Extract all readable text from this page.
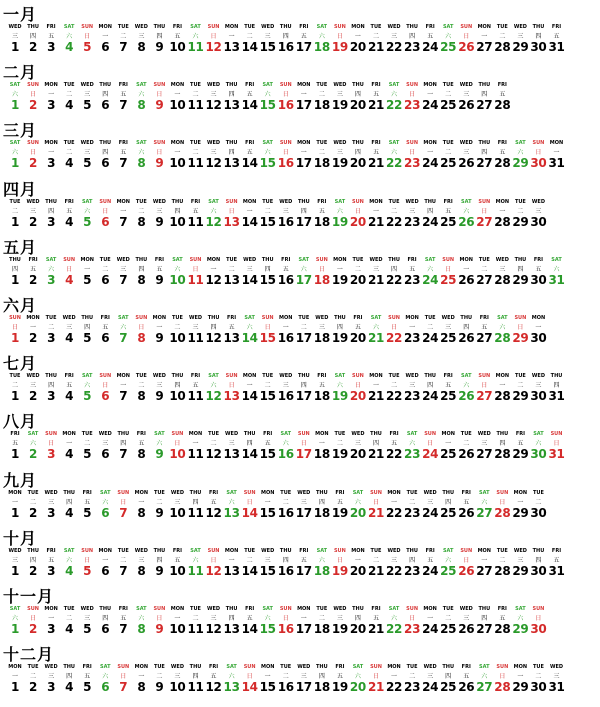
一月
WED
三
1
THU
四
2
FRI
五
3
SAT
六
4
SUN
日
5
MON
一
6
TUE
二
7
WED
三
8
THU
四
9
FRI
五
10
SAT
六
11
SUN
日
12
MON
一
13
TUE
二
14
WED
三
15
THU
四
16
FRI
五
17
SAT
六
18
SUN
日
19
MON
一
20
TUE
二
21
WED
三
22
THU
四
23
FRI
五
24
SAT
六
25
SUN
日
26
MON
一
27
TUE
二
28
WED
三
29
THU
四
30
FRI
五
31
二月
SAT
六
1
SUN
日
2
MON
一
3
TUE
二
4
WED
三
5
THU
四
6
FRI
五
7
SAT
六
8
SUN
日
9
MON
一
10
TUE
二
11
WED
三
12
THU
四
13
FRI
五
14
SAT
六
15
SUN
日
16
MON
一
17
TUE
二
18
WED
三
19
THU
四
20
FRI
五
21
SAT
六
22
SUN
日
23
MON
一
24
TUE
二
25
WED
三
26
THU
四
27
FRI
五
28
三月
SAT
六
1
SUN
日
2
MON
一
3
TUE
二
4
WED
三
5
THU
四
6
FRI
五
7
SAT
六
8
SUN
日
9
MON
一
10
TUE
二
11
WED
三
12
THU
四
13
FRI
五
14
SAT
六
15
SUN
日
16
MON
一
17
TUE
二
18
WED
三
19
THU
四
20
FRI
五
21
SAT
六
22
SUN
日
23
MON
一
24
TUE
二
25
WED
三
26
THU
四
27
FRI
五
28
SAT
六
29
SUN
日
30
MON
一
31
四月
TUE
二
1
WED
三
2
THU
四
3
FRI
五
4
SAT
六
5
SUN
日
6
MON
一
7
TUE
二
8
WED
三
9
THU
四
10
FRI
五
11
SAT
六
12
SUN
日
13
MON
一
14
TUE
二
15
WED
三
16
THU
四
17
FRI
五
18
SAT
六
19
SUN
日
20
MON
一
21
TUE
二
22
WED
三
23
THU
四
24
FRI
五
25
SAT
六
26
SUN
日
27
MON
一
28
TUE
二
29
WED
三
30
五月
THU
四
1
FRI
五
2
SAT
六
3
SUN
日
4
MON
一
5
TUE
二
6
WED
三
7
THU
四
8
FRI
五
9
SAT
六
10
SUN
日
11
MON
一
12
TUE
二
13
WED
三
14
THU
四
15
FRI
五
16
SAT
六
17
SUN
日
18
MON
一
19
TUE
二
20
WED
三
21
THU
四
22
FRI
五
23
SAT
六
24
SUN
日
25
MON
一
26
TUE
二
27
WED
三
28
THU
四
29
FRI
五
30
SAT
六
31
六月
SUN
日
1
MON
一
2
TUE
二
3
WED
三
4
THU
四
5
FRI
五
6
SAT
六
7
SUN
日
8
MON
一
9
TUE
二
10
WED
三
11
THU
四
12
FRI
五
13
SAT
六
14
SUN
日
15
MON
一
16
TUE
二
17
WED
三
18
THU
四
19
FRI
五
20
SAT
六
21
SUN
日
22
MON
一
23
TUE
二
24
WED
三
25
THU
四
26
FRI
五
27
SAT
六
28
SUN
日
29
MON
一
30
七月
TUE
二
1
WED
三
2
THU
四
3
FRI
五
4
SAT
六
5
SUN
日
6
MON
一
7
TUE
二
8
WED
三
9
THU
四
10
FRI
五
11
SAT
六
12
SUN
日
13
MON
一
14
TUE
二
15
WED
三
16
THU
四
17
FRI
五
18
SAT
六
19
SUN
日
20
MON
一
21
TUE
二
22
WED
三
23
THU
四
24
FRI
五
25
SAT
六
26
SUN
日
27
MON
一
28
TUE
二
29
WED
三
30
THU
四
31
八月
FRI
五
1
SAT
六
2
SUN
日
3
MON
一
4
TUE
二
5
WED
三
6
THU
四
7
FRI
五
8
SAT
六
9
SUN
日
10
MON
一
11
TUE
二
12
WED
三
13
THU
四
14
FRI
五
15
SAT
六
16
SUN
日
17
MON
一
18
TUE
二
19
WED
三
20
THU
四
21
FRI
五
22
SAT
六
23
SUN
日
24
MON
一
25
TUE
二
26
WED
三
27
THU
四
28
FRI
五
29
SAT
六
30
SUN
日
31
九月
MON
一
1
TUE
二
2
WED
三
3
THU
四
4
FRI
五
5
SAT
六
6
SUN
日
7
MON
一
8
TUE
二
9
WED
三
10
THU
四
11
FRI
五
12
SAT
六
13
SUN
日
14
MON
一
15
TUE
二
16
WED
三
17
THU
四
18
FRI
五
19
SAT
六
20
SUN
日
21
MON
一
22
TUE
二
23
WED
三
24
THU
四
25
FRI
五
26
SAT
六
27
SUN
日
28
MON
一
29
TUE
二
30
十月
WED
三
1
THU
四
2
FRI
五
3
SAT
六
4
SUN
日
5
MON
一
6
TUE
二
7
WED
三
8
THU
四
9
FRI
五
10
SAT
六
11
SUN
日
12
MON
一
13
TUE
二
14
WED
三
15
THU
四
16
FRI
五
17
SAT
六
18
SUN
日
19
MON
一
20
TUE
二
21
WED
三
22
THU
四
23
FRI
五
24
SAT
六
25
SUN
日
26
MON
一
27
TUE
二
28
WED
三
29
THU
四
30
FRI
五
31
十一月
SAT
六
1
SUN
日
2
MON
一
3
TUE
二
4
WED
三
5
THU
四
6
FRI
五
7
SAT
六
8
SUN
日
9
MON
一
10
TUE
二
11
WED
三
12
THU
四
13
FRI
五
14
SAT
六
15
SUN
日
16
MON
一
17
TUE
二
18
WED
三
19
THU
四
20
FRI
五
21
SAT
六
22
SUN
日
23
MON
一
24
TUE
二
25
WED
三
26
THU
四
27
FRI
五
28
SAT
六
29
SUN
日
30
十二月
MON
一
1
TUE
二
2
WED
三
3
THU
四
4
FRI
五
5
SAT
六
6
SUN
日
7
MON
一
8
TUE
二
9
WED
三
10
THU
四
11
FRI
五
12
SAT
六
13
SUN
日
14
MON
一
15
TUE
二
16
WED
三
17
THU
四
18
FRI
五
19
SAT
六
20
SUN
日
21
MON
一
22
TUE
二
23
WED
三
24
THU
四
25
FRI
五
26
SAT
六
27
SUN
日
28
MON
一
29
TUE
二
30
WED
三
31
